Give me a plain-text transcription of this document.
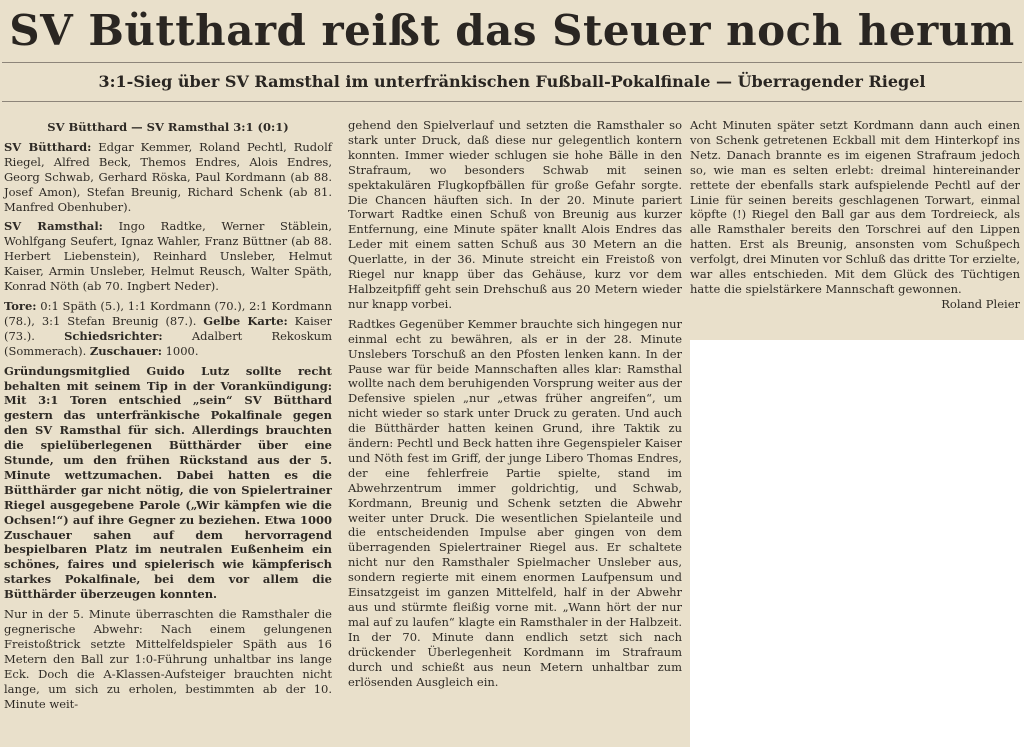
SV Bütthard reißt das Steuer noch herum
3:1-Sieg über SV Ramsthal im unterfränkischen Fußball-Pokalfinale — Überragender Riegel

SV Bütthard — SV Ramsthal 3:1 (0:1)

SV Bütthard: Edgar Kemmer, Roland Pechtl, Rudolf Riegel, Alfred Beck, Themos Endres, Alois Endres, Georg Schwab, Gerhard Röska, Paul Kordmann (ab 88. Josef Amon), Stefan Breunig, Richard Schenk (ab 81. Manfred Obenhuber).

SV Ramsthal: Ingo Radtke, Werner Stäblein, Wohlfgang Seufert, Ignaz Wahler, Franz Büttner (ab 88. Herbert Liebenstein), Reinhard Unsleber, Helmut Kaiser, Armin Unsleber, Helmut Reusch, Walter Späth, Konrad Nöth (ab 70. Ingbert Neder).

Tore: 0:1 Späth (5.), 1:1 Kordmann (70.), 2:1 Kordmann (78.), 3:1 Stefan Breunig (87.). Gelbe Karte: Kaiser (73.).	Schiedsrichter: Adalbert Rekoskum (Sommerach). Zuschauer: 1000.

Gründungsmitglied Guido Lutz sollte recht behalten mit seinem Tip in der Vorankündigung: Mit 3:1 Toren entschied „sein“ SV Bütthard gestern das unterfränkische Pokalfinale gegen den SV Ramsthal für sich. Allerdings brauchten die spielüberlegenen Bütthärder über eine Stunde, um den frühen Rückstand aus der 5. Minute wettzumachen. Dabei hatten es die Bütthärder gar nicht nötig, die von Spielertrainer Riegel ausgegebene Parole („Wir kämpfen wie die Ochsen!“) auf ihre Gegner zu beziehen. Etwa 1000 Zuschauer sahen auf dem hervorragend bespielbaren Platz im neutralen Eußenheim ein schönes, faires und spielerisch wie kämpferisch starkes Pokalfinale, bei dem vor allem die Bütthärder überzeugen konnten.

Nur in der 5. Minute überraschten die Ramsthaler die gegnerische Abwehr: Nach einem gelungenen Freistoßtrick setzte Mittelfeldspieler Späth aus 16 Metern den Ball zur 1:0-Führung unhaltbar ins lange Eck. Doch die A-Klassen-Aufsteiger brauchten nicht lange, um sich zu erholen, bestimmten ab der 10. Minute weit-

gehend den Spielverlauf und setzten die Ramsthaler so stark unter Druck, daß diese nur gelegentlich kontern konnten. Immer wieder schlugen sie hohe Bälle in den Strafraum, wo besonders Schwab mit seinen spektakulären Flugkopfbällen für große Gefahr sorgte. Die Chancen häuften sich. In der 20. Minute pariert Torwart Radtke einen Schuß von Breunig aus kurzer Entfernung, eine Minute später knallt Alois Endres das Leder mit einem satten Schuß aus 30 Metern an die Querlatte, in der 36. Minute streicht ein Freistoß von Riegel nur knapp über das Gehäuse, kurz vor dem Halbzeitpfiff geht sein Drehschuß aus 20 Metern wieder nur knapp vorbei.

Radtkes Gegenüber Kemmer brauchte sich hingegen nur einmal echt zu bewähren, als er in der 28. Minute Unslebers Torschuß an den Pfosten lenken kann. In der Pause war für beide Mannschaften alles klar: Ramsthal wollte nach dem beruhigenden Vorsprung weiter aus der Defensive spielen „nur „etwas früher angreifen“, um nicht wieder so stark unter Druck zu geraten. Und auch die Bütthärder hatten keinen Grund, ihre Taktik zu ändern: Pechtl und Beck hatten ihre Gegenspieler Kaiser und Nöth fest im Griff, der junge Libero Thomas Endres, der eine fehlerfreie Partie spielte, stand im Abwehrzentrum immer goldrichtig, und Schwab, Kordmann, Breunig und Schenk setzten die Abwehr weiter unter Druck. Die wesentlichen Spielanteile und die entscheidenden Impulse aber gingen von dem überragenden Spielertrainer Riegel aus. Er schaltete nicht nur den Ramsthaler Spielmacher Unsleber aus, sondern regierte mit einem enormen Laufpensum und Einsatzgeist im ganzen Mittelfeld, half in der Abwehr aus und stürmte fleißig vorne mit. „Wann hört der nur mal auf zu laufen“ klagte ein Ramsthaler in der Halbzeit. In der 70. Minute dann endlich setzt sich nach drückender Überlegenheit Kordmann im Strafraum durch und schießt aus neun Metern unhaltbar zum erlösenden Ausgleich ein.

Acht Minuten später setzt Kordmann dann auch einen von Schenk getretenen Eckball mit dem Hinterkopf ins Netz. Danach brannte es im eigenen Strafraum jedoch so, wie man es selten erlebt: dreimal hintereinander rettete der ebenfalls stark aufspielende Pechtl auf der Linie für seinen bereits geschlagenen Torwart, einmal köpfte (!) Riegel den Ball gar aus dem Tordreieck, als alle Ramsthaler bereits den Torschrei auf den Lippen hatten. Erst als Breunig, ansonsten vom Schußpech verfolgt, drei Minuten vor Schluß das dritte Tor erzielte, war alles entschieden. Mit dem Glück des Tüchtigen hatte die spielstärkere Mannschaft gewonnen.

Roland Pleier
